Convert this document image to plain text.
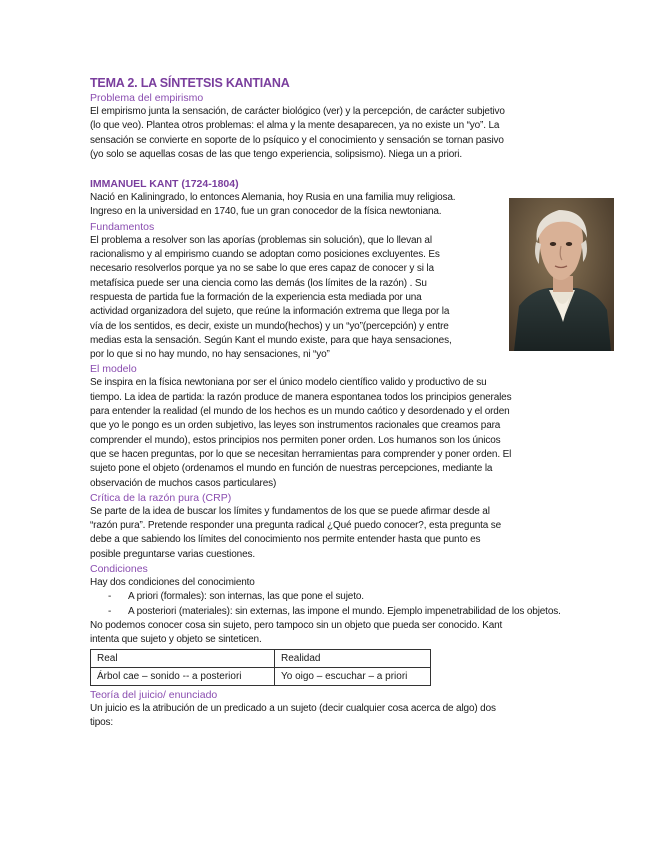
TEMA 2. LA SÍNTETSIS KANTIANA
Problema del empirismo

El empirismo junta la sensación, de carácter biológico (ver) y la percepción, de carácter subjetivo

(lo que veo). Plantea otros problemas: el alma y la mente desaparecen, ya no existe un “yo”. La

sensación se convierte en soporte de lo psíquico y el conocimiento y sensación se tornan pasivo

(yo solo se aquellas cosas de las que tengo experiencia, solipsismo). Niega un a priori.

IMMANUEL KANT (1724-1804)

Nació en Kaliningrado, lo entonces Alemania, hoy Rusia en una familia muy religiosa.

Ingreso en la universidad en 1740, fue un gran conocedor de la física newtoniana.

Fundamentos

El problema a resolver son las aporías (problemas sin solución), que lo llevan al

racionalismo y al empirismo cuando se adoptan como posiciones excluyentes. Es

necesario resolverlos porque ya no se sabe lo que eres capaz de conocer y si la

metafísica puede ser una ciencia como las demás (los límites de la razón) . Su

respuesta de partida fue la formación de la experiencia esta mediada por una

actividad organizadora del sujeto, que reúne la información extrema que llega por la

vía de los sentidos, es decir, existe un mundo(hechos) y un “yo”(percepción) y entre

medias esta la sensación. Según Kant el mundo existe, para que haya sensaciones,

por lo que si no hay mundo, no hay sensaciones, ni “yo”

El modelo

Se inspira en la física newtoniana por ser el único modelo científico valido y productivo de su

tiempo. La idea de partida: la razón produce de manera espontanea todos los principios generales

para entender la realidad (el mundo de los hechos es un mundo caótico y desordenado y el orden

que yo le pongo es un orden subjetivo, las leyes son instrumentos racionales que creamos para

comprender el mundo), estos principios nos permiten poner orden. Los humanos son los únicos

que se hacen preguntas, por lo que se necesitan herramientas para comprender y poner orden. El

sujeto pone el objeto (ordenamos el mundo en función de nuestras percepciones, mediante la

observación de muchos casos particulares)

Crítica de la razón pura (CRP)

Se parte de la idea de buscar los límites y fundamentos de los que se puede afirmar desde al

“razón pura”. Pretende responder una pregunta radical ¿Qué puedo conocer?, esta pregunta se

debe a que sabiendo los límites del conocimiento nos permite entender hasta que punto es

posible preguntarse varias cuestiones.

Condiciones

Hay dos condiciones del conocimiento

- A priori (formales): son internas, las que pone el sujeto.
- A posteriori (materiales): sin externas, las impone el mundo. Ejemplo impenetrabilidad de los objetos.

No podemos conocer cosa sin sujeto, pero tampoco sin un objeto que pueda ser conocido. Kant

intenta que sujeto y objeto se sinteticen.

Real	Realidad
Árbol cae – sonido -- a posteriori	Yo oigo – escuchar – a priori
Teoría del juicio/ enunciado

Un juicio es la atribución de un predicado a un sujeto (decir cualquier cosa acerca de algo) dos

tipos:
